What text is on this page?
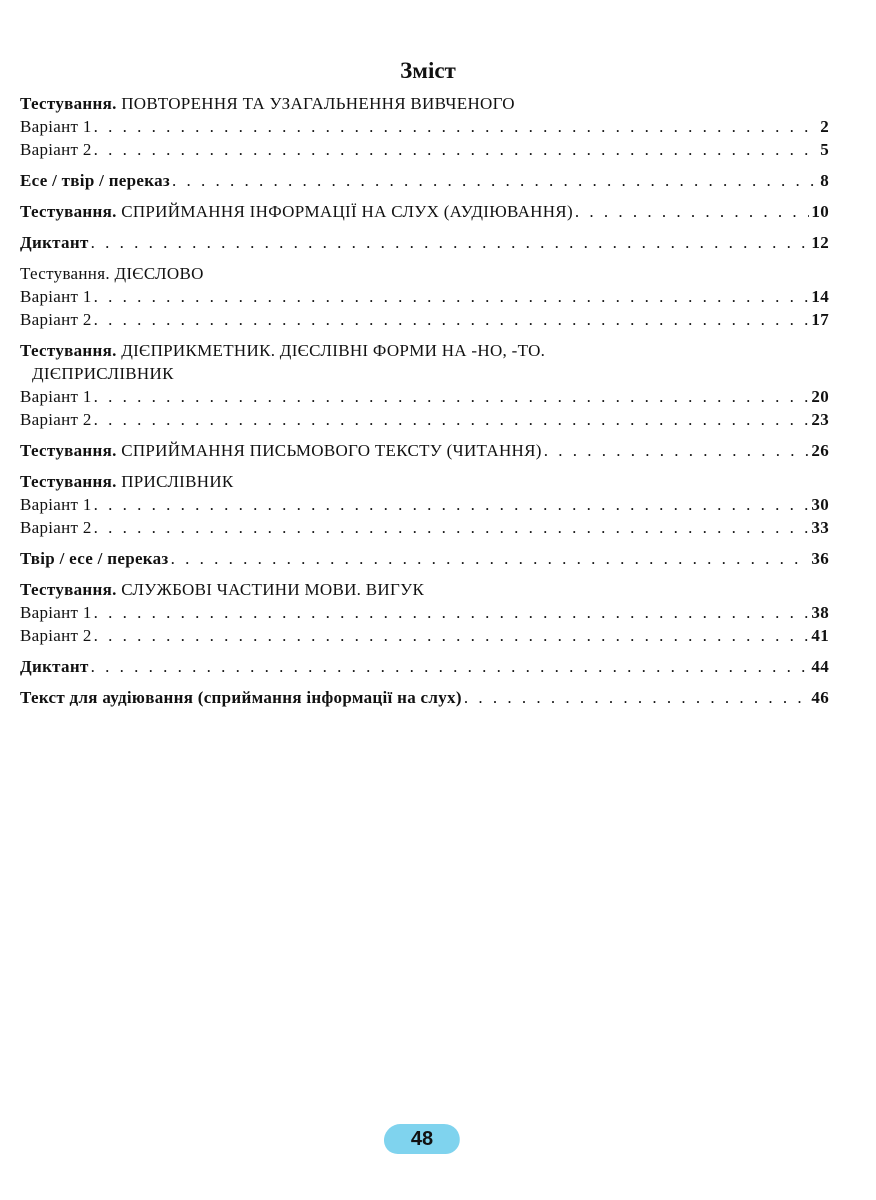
Зміст
Тестування. ПОВТОРЕННЯ ТА УЗАГАЛЬНЕННЯ ВИВЧЕНОГО
Варіант 1 . . .	2
Варіант 2 . . .	5
Есе / твір / переказ . . .	8
Тестування. СПРИЙМАННЯ ІНФОРМАЦІЇ НА СЛУХ (АУДІЮВАННЯ) . . .	10
Диктант . . .	12
Тестування. ДІЄСЛОВО
Варіант 1 . . .	14
Варіант 2 . . .	17
Тестування. ДІЄПРИКМЕТНИК. ДІЄСЛІВНІ ФОРМИ НА -НО, -ТО.
ДІЄПРИСЛІВНИК
Варіант 1 . . .	20
Варіант 2 . . .	23
Тестування. СПРИЙМАННЯ ПИСЬМОВОГО ТЕКСТУ (ЧИТАННЯ) . . .	26
Тестування. ПРИСЛІВНИК
Варіант 1 . . .	30
Варіант 2 . . .	33
Твір / есе / переказ . . .	36
Тестування. СЛУЖБОВІ ЧАСТИНИ МОВИ. ВИГУК
Варіант 1 . . .	38
Варіант 2 . . .	41
Диктант . . .	44
Текст для аудіювання (сприймання інформації на слух) . . .	46
48
